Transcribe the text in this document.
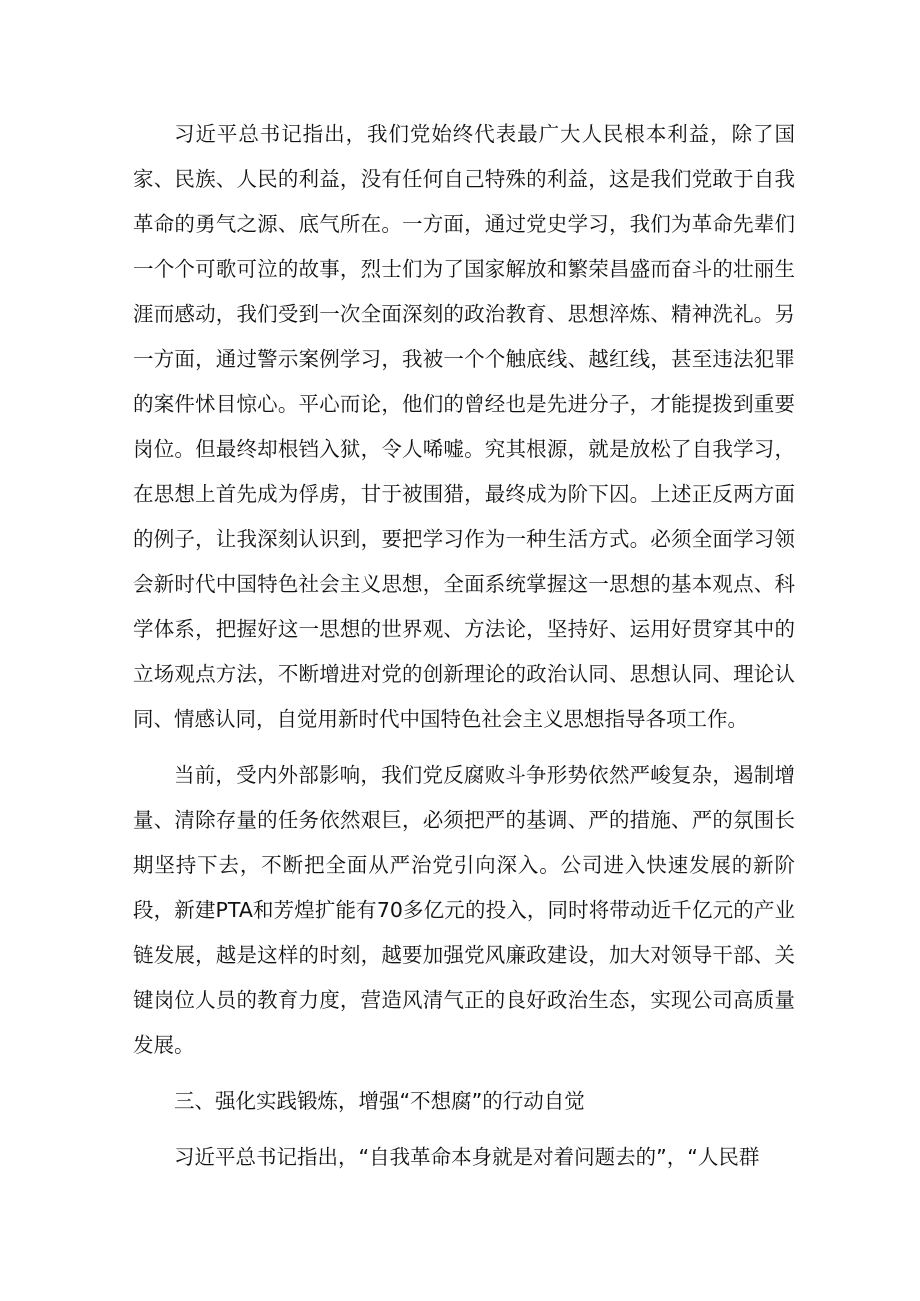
习近平总书记指出，我们党始终代表最广大人民根本利益，除了国家、民族、人民的利益，没有任何自己特殊的利益，这是我们党敢于自我革命的勇气之源、底气所在。一方面，通过党史学习，我们为革命先辈们一个个可歌可泣的故事，烈士们为了国家解放和繁荣昌盛而奋斗的壮丽生涯而感动，我们受到一次全面深刻的政治教育、思想淬炼、精神洗礼。另一方面，通过警示案例学习，我被一个个触底线、越红线，甚至违法犯罪的案件怵目惊心。平心而论，他们的曾经也是先进分子，才能提拨到重要岗位。但最终却根铛入狱，令人唏嘘。究其根源，就是放松了自我学习，在思想上首先成为俘虏，甘于被围猎，最终成为阶下囚。上述正反两方面的例子，让我深刻认识到，要把学习作为一种生活方式。必须全面学习领会新时代中国特色社会主义思想，全面系统掌握这一思想的基本观点、科学体系，把握好这一思想的世界观、方法论，坚持好、运用好贯穿其中的立场观点方法，不断增进对党的创新理论的政治认同、思想认同、理论认同、情感认同，自觉用新时代中国特色社会主义思想指导各项工作。

当前，受内外部影响，我们党反腐败斗争形势依然严峻复杂，遏制增量、清除存量的任务依然艰巨，必须把严的基调、严的措施、严的氛围长期坚持下去，不断把全面从严治党引向深入。公司进入快速发展的新阶段，新建PTA和芳煌扩能有70多亿元的投入，同时将带动近千亿元的产业链发展，越是这样的时刻，越要加强党风廉政建设，加大对领导干部、关键岗位人员的教育力度，营造风清气正的良好政治生态，实现公司高质量发展。

三、强化实践锻炼，增强“不想腐”的行动自觉

习近平总书记指出，“自我革命本身就是对着问题去的”，“人民群
